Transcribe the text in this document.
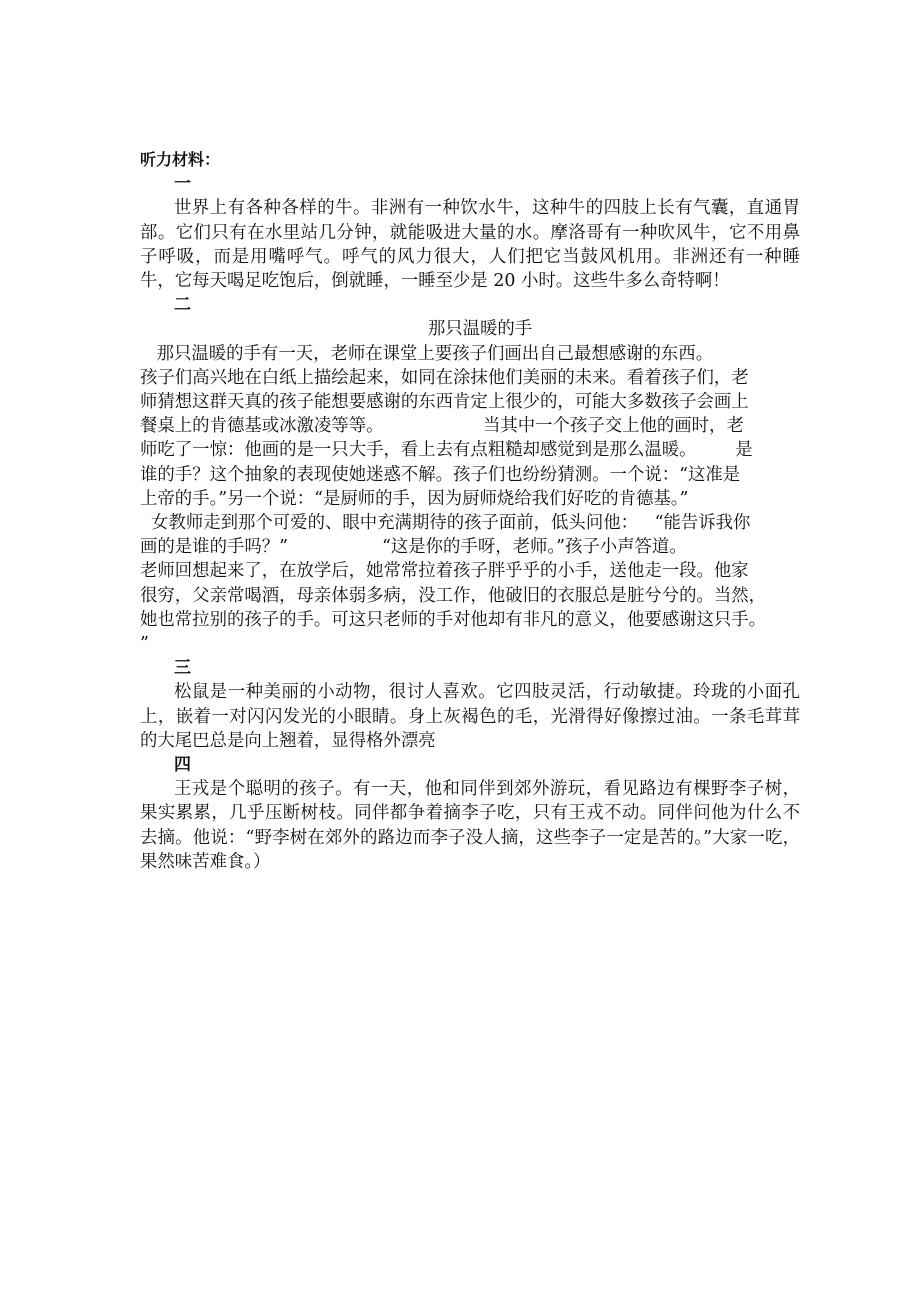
听力材料：

一

世界上有各种各样的牛。非洲有一种饮水牛，这种牛的四肢上长有气囊，直通胃部。它们只有在水里站几分钟，就能吸进大量的水。摩洛哥有一种吹风牛，它不用鼻子呼吸，而是用嘴呼气。呼气的风力很大，人们把它当鼓风机用。非洲还有一种睡牛，它每天喝足吃饱后，倒就睡，一睡至少是 20 小时。这些牛多么奇特啊！

二

那只温暖的手

那只温暖的手有一天，老师在课堂上要孩子们画出自己最想感谢的东西。

孩子们高兴地在白纸上描绘起来，如同在涂抹他们美丽的未来。看着孩子们，老

师猜想这群天真的孩子能想要感谢的东西肯定上很少的，可能大多数孩子会画上

餐桌上的肯德基或冰激凌等等。                  当其中一个孩子交上他的画时，老

师吃了一惊：他画的是一只大手，看上去有点粗糙却感觉到是那么温暖。       是

谁的手？这个抽象的表现使她迷惑不解。孩子们也纷纷猜测。一个说：“这准是

上帝的手。”另一个说：“是厨师的手，因为厨师烧给我们好吃的肯德基。”

女教师走到那个可爱的、眼中充满期待的孩子面前，低头问他：   “能告诉我你

画的是谁的手吗？”                 “这是你的手呀，老师。”孩子小声答道。

老师回想起来了，在放学后，她常常拉着孩子胖乎乎的小手，送他走一段。他家

很穷，父亲常喝酒，母亲体弱多病，没工作，他破旧的衣服总是脏兮兮的。当然，

她也常拉别的孩子的手。可这只老师的手对他却有非凡的意义，他要感谢这只手。

”

三

松鼠是一种美丽的小动物，很讨人喜欢。它四肢灵活，行动敏捷。玲珑的小面孔上，嵌着一对闪闪发光的小眼睛。身上灰褐色的毛，光滑得好像擦过油。一条毛茸茸的大尾巴总是向上翘着，显得格外漂亮

四

王戎是个聪明的孩子。有一天，他和同伴到郊外游玩，看见路边有棵野李子树，果实累累，几乎压断树枝。同伴都争着摘李子吃，只有王戎不动。同伴问他为什么不去摘。他说：“野李树在郊外的路边而李子没人摘，这些李子一定是苦的。”大家一吃，果然味苦难食。）
